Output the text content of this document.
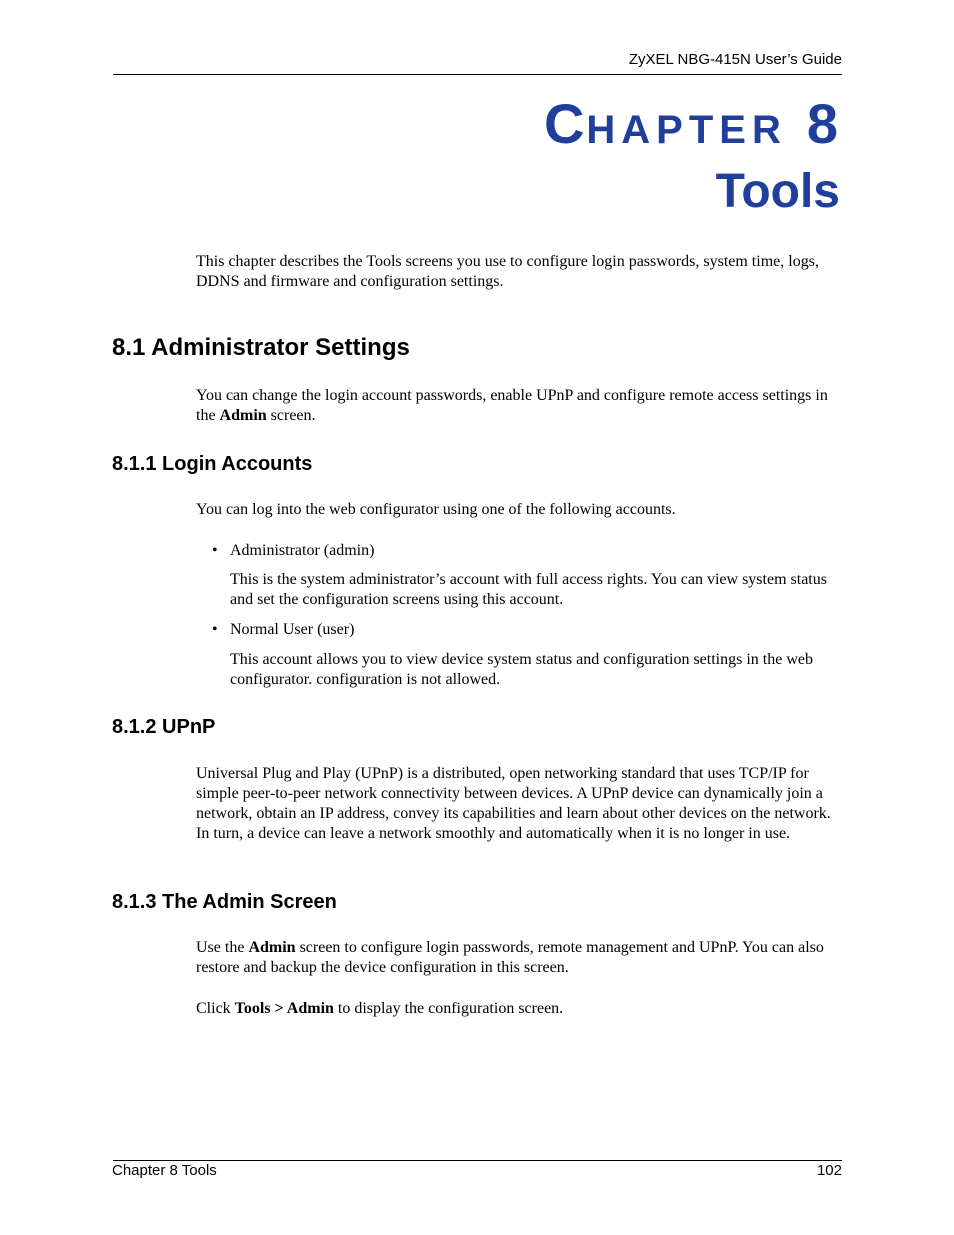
ZyXEL NBG-415N User’s Guide
CHAPTER 8
Tools
This chapter describes the Tools screens you use to configure login passwords, system time, logs, DDNS and firmware and configuration settings.
8.1 Administrator Settings
You can change the login account passwords, enable UPnP and configure remote access settings in the Admin screen.
8.1.1 Login Accounts
You can log into the web configurator using one of the following accounts.
• Administrator (admin)
This is the system administrator’s account with full access rights. You can view system status and set the configuration screens using this account.
• Normal User (user)
This account allows you to view device system status and configuration settings in the web configurator. configuration is not allowed.
8.1.2 UPnP
Universal Plug and Play (UPnP) is a distributed, open networking standard that uses TCP/IP for simple peer-to-peer network connectivity between devices. A UPnP device can dynamically join a network, obtain an IP address, convey its capabilities and learn about other devices on the network. In turn, a device can leave a network smoothly and automatically when it is no longer in use.
8.1.3 The Admin Screen
Use the Admin screen to configure login passwords, remote management and UPnP. You can also restore and backup the device configuration in this screen.
Click Tools > Admin to display the configuration screen.
Chapter 8 Tools	102
